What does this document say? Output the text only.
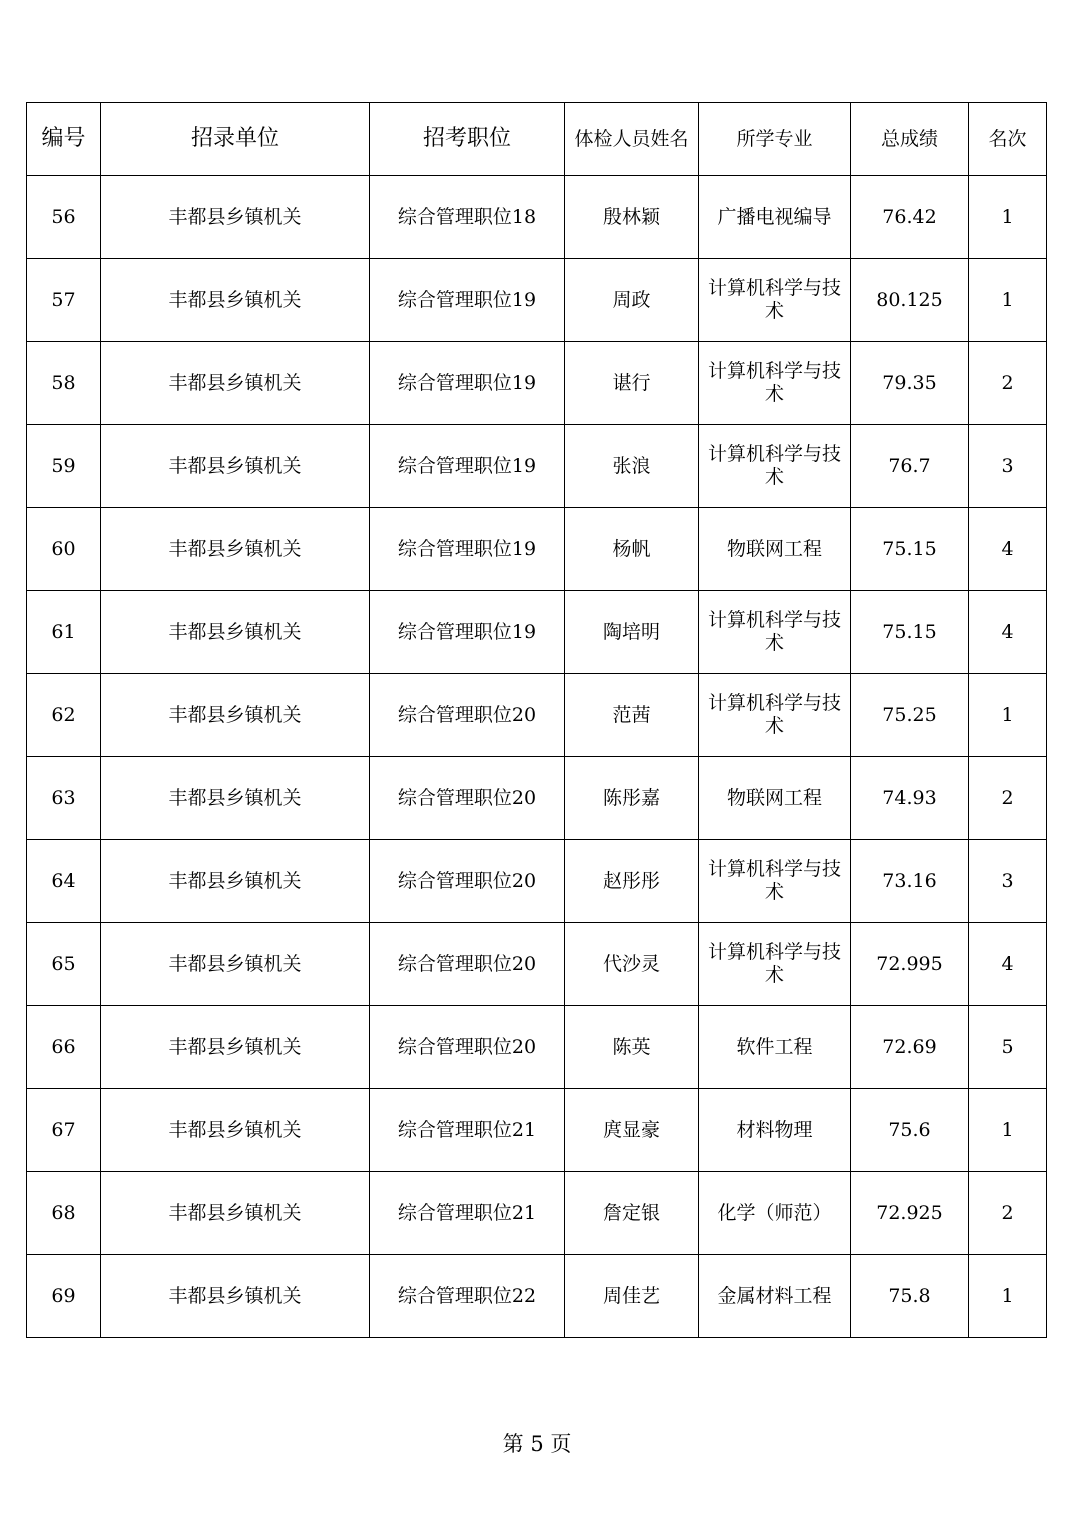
编号	招录单位	招考职位	体检人员姓名	所学专业	总成绩	名次
56	丰都县乡镇机关	综合管理职位18	殷林颖	广播电视编导	76.42	1
57	丰都县乡镇机关	综合管理职位19	周政	计算机科学与技术	80.125	1
58	丰都县乡镇机关	综合管理职位19	谌行	计算机科学与技术	79.35	2
59	丰都县乡镇机关	综合管理职位19	张浪	计算机科学与技术	76.7	3
60	丰都县乡镇机关	综合管理职位19	杨帆	物联网工程	75.15	4
61	丰都县乡镇机关	综合管理职位19	陶培明	计算机科学与技术	75.15	4
62	丰都县乡镇机关	综合管理职位20	范茜	计算机科学与技术	75.25	1
63	丰都县乡镇机关	综合管理职位20	陈彤嘉	物联网工程	74.93	2
64	丰都县乡镇机关	综合管理职位20	赵彤彤	计算机科学与技术	73.16	3
65	丰都县乡镇机关	综合管理职位20	代沙灵	计算机科学与技术	72.995	4
66	丰都县乡镇机关	综合管理职位20	陈英	软件工程	72.69	5
67	丰都县乡镇机关	综合管理职位21	庹显豪	材料物理	75.6	1
68	丰都县乡镇机关	综合管理职位21	詹定银	化学（师范）	72.925	2
69	丰都县乡镇机关	综合管理职位22	周佳艺	金属材料工程	75.8	1
第 5 页
